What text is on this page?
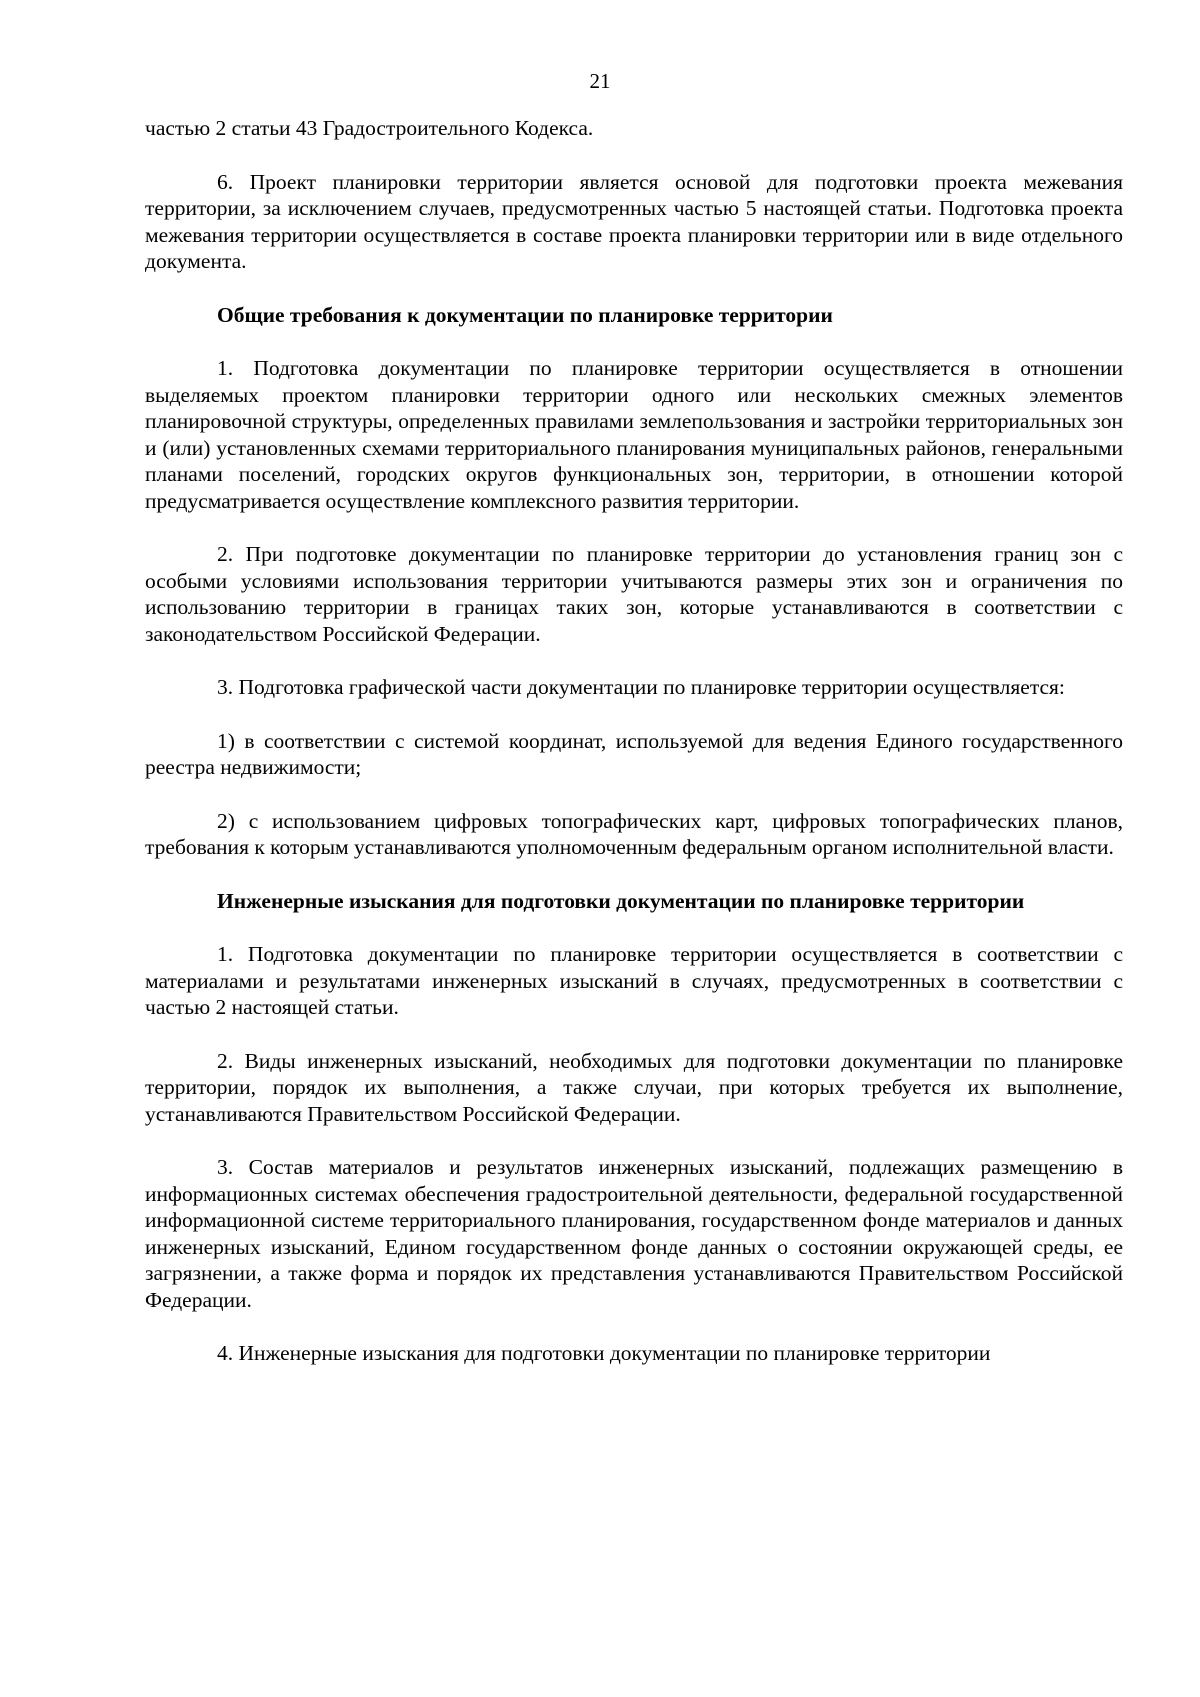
21

частью 2 статьи 43 Градостроительного Кодекса.

6. Проект планировки территории является основой для подготовки проекта межевания территории, за исключением случаев, предусмотренных частью 5 настоящей статьи. Подготовка проекта межевания территории осуществляется в составе проекта планировки территории или в виде отдельного документа.

Общие требования к документации по планировке территории

1. Подготовка документации по планировке территории осуществляется в отношении выделяемых проектом планировки территории одного или нескольких смежных элементов планировочной структуры, определенных правилами землепользования и застройки территориальных зон и (или) установленных схемами территориального планирования муниципальных районов, генеральными планами поселений, городских округов функциональных зон, территории, в отношении которой предусматривается осуществление комплексного развития территории.

2. При подготовке документации по планировке территории до установления границ зон с особыми условиями использования территории учитываются размеры этих зон и ограничения по использованию территории в границах таких зон, которые устанавливаются в соответствии с законодательством Российской Федерации.

3. Подготовка графической части документации по планировке территории осуществляется:

1) в соответствии с системой координат, используемой для ведения Единого государственного реестра недвижимости;

2) с использованием цифровых топографических карт, цифровых топографических планов, требования к которым устанавливаются уполномоченным федеральным органом исполнительной власти.

Инженерные изыскания для подготовки документации по планировке территории

1. Подготовка документации по планировке территории осуществляется в соответствии с материалами и результатами инженерных изысканий в случаях, предусмотренных в соответствии с частью 2 настоящей статьи.

2. Виды инженерных изысканий, необходимых для подготовки документации по планировке территории, порядок их выполнения, а также случаи, при которых требуется их выполнение, устанавливаются Правительством Российской Федерации.

3. Состав материалов и результатов инженерных изысканий, подлежащих размещению в информационных системах обеспечения градостроительной деятельности, федеральной государственной информационной системе территориального планирования, государственном фонде материалов и данных инженерных изысканий, Едином государственном фонде данных о состоянии окружающей среды, ее загрязнении, а также форма и порядок их представления устанавливаются Правительством Российской Федерации.

4. Инженерные изыскания для подготовки документации по планировке территории
